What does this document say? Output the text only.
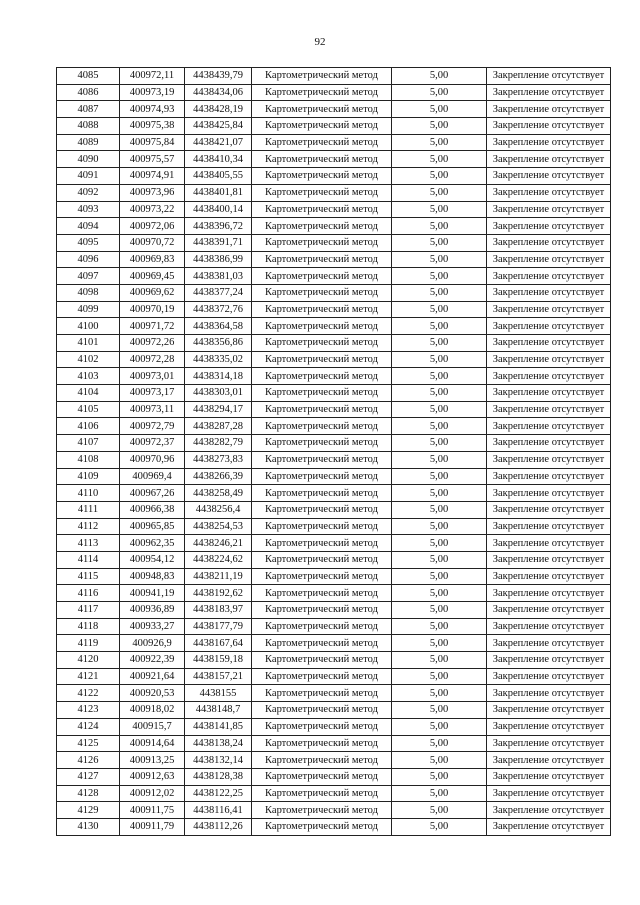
92
4085	400972,11	4438439,79	Картометрический метод	5,00	Закрепление отсутствует
4086	400973,19	4438434,06	Картометрический метод	5,00	Закрепление отсутствует
4087	400974,93	4438428,19	Картометрический метод	5,00	Закрепление отсутствует
4088	400975,38	4438425,84	Картометрический метод	5,00	Закрепление отсутствует
4089	400975,84	4438421,07	Картометрический метод	5,00	Закрепление отсутствует
4090	400975,57	4438410,34	Картометрический метод	5,00	Закрепление отсутствует
4091	400974,91	4438405,55	Картометрический метод	5,00	Закрепление отсутствует
4092	400973,96	4438401,81	Картометрический метод	5,00	Закрепление отсутствует
4093	400973,22	4438400,14	Картометрический метод	5,00	Закрепление отсутствует
4094	400972,06	4438396,72	Картометрический метод	5,00	Закрепление отсутствует
4095	400970,72	4438391,71	Картометрический метод	5,00	Закрепление отсутствует
4096	400969,83	4438386,99	Картометрический метод	5,00	Закрепление отсутствует
4097	400969,45	4438381,03	Картометрический метод	5,00	Закрепление отсутствует
4098	400969,62	4438377,24	Картометрический метод	5,00	Закрепление отсутствует
4099	400970,19	4438372,76	Картометрический метод	5,00	Закрепление отсутствует
4100	400971,72	4438364,58	Картометрический метод	5,00	Закрепление отсутствует
4101	400972,26	4438356,86	Картометрический метод	5,00	Закрепление отсутствует
4102	400972,28	4438335,02	Картометрический метод	5,00	Закрепление отсутствует
4103	400973,01	4438314,18	Картометрический метод	5,00	Закрепление отсутствует
4104	400973,17	4438303,01	Картометрический метод	5,00	Закрепление отсутствует
4105	400973,11	4438294,17	Картометрический метод	5,00	Закрепление отсутствует
4106	400972,79	4438287,28	Картометрический метод	5,00	Закрепление отсутствует
4107	400972,37	4438282,79	Картометрический метод	5,00	Закрепление отсутствует
4108	400970,96	4438273,83	Картометрический метод	5,00	Закрепление отсутствует
4109	400969,4	4438266,39	Картометрический метод	5,00	Закрепление отсутствует
4110	400967,26	4438258,49	Картометрический метод	5,00	Закрепление отсутствует
4111	400966,38	4438256,4	Картометрический метод	5,00	Закрепление отсутствует
4112	400965,85	4438254,53	Картометрический метод	5,00	Закрепление отсутствует
4113	400962,35	4438246,21	Картометрический метод	5,00	Закрепление отсутствует
4114	400954,12	4438224,62	Картометрический метод	5,00	Закрепление отсутствует
4115	400948,83	4438211,19	Картометрический метод	5,00	Закрепление отсутствует
4116	400941,19	4438192,62	Картометрический метод	5,00	Закрепление отсутствует
4117	400936,89	4438183,97	Картометрический метод	5,00	Закрепление отсутствует
4118	400933,27	4438177,79	Картометрический метод	5,00	Закрепление отсутствует
4119	400926,9	4438167,64	Картометрический метод	5,00	Закрепление отсутствует
4120	400922,39	4438159,18	Картометрический метод	5,00	Закрепление отсутствует
4121	400921,64	4438157,21	Картометрический метод	5,00	Закрепление отсутствует
4122	400920,53	4438155	Картометрический метод	5,00	Закрепление отсутствует
4123	400918,02	4438148,7	Картометрический метод	5,00	Закрепление отсутствует
4124	400915,7	4438141,85	Картометрический метод	5,00	Закрепление отсутствует
4125	400914,64	4438138,24	Картометрический метод	5,00	Закрепление отсутствует
4126	400913,25	4438132,14	Картометрический метод	5,00	Закрепление отсутствует
4127	400912,63	4438128,38	Картометрический метод	5,00	Закрепление отсутствует
4128	400912,02	4438122,25	Картометрический метод	5,00	Закрепление отсутствует
4129	400911,75	4438116,41	Картометрический метод	5,00	Закрепление отсутствует
4130	400911,79	4438112,26	Картометрический метод	5,00	Закрепление отсутствует
